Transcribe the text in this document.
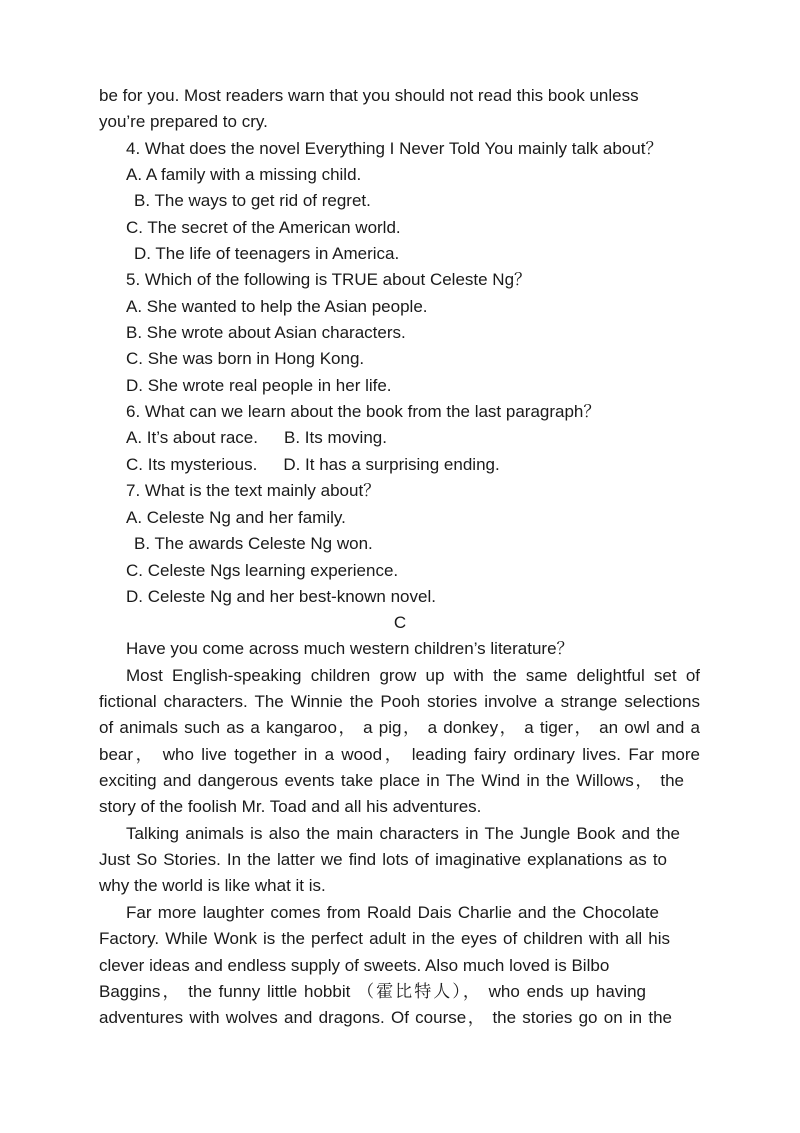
be for you. Most readers warn that you should not read this book unless
you’re prepared to cry.
4. What does the novel Everything I Never Told You mainly talk about？
A. A family with a missing child.
B. The ways to get rid of regret.
C. The secret of the American world.
D. The life of teenagers in America.
5. Which of the following is TRUE about Celeste Ng？
A. She wanted to help the Asian people.
B. She wrote about Asian characters.
C. She was born in Hong Kong.
D. She wrote real people in her life.
6. What can we learn about the book from the last paragraph？
A. It’s about race. B. Its moving.
C. Its mysterious. D. It has a surprising ending.
7. What is the text mainly about？
A. Celeste Ng and her family.
B. The awards Celeste Ng won.
C. Celeste Ngs learning experience.
D. Celeste Ng and her best-known novel.
C
Have you come across much western children’s literature？
Most English-speaking children grow up with the same delightful set of
fictional characters. The Winnie the Pooh stories involve a strange selections
of animals such as a kangaroo， a pig， a donkey， a tiger， an owl and a
bear， who live together in a wood， leading fairy ordinary lives. Far more
exciting and dangerous events take place in The Wind in the Willows， the
story of the foolish Mr. Toad and all his adventures.
Talking animals is also the main characters in The Jungle Book and the
Just So Stories. In the latter we find lots of imaginative explanations as to
why the world is like what it is.
Far more laughter comes from Roald Dais Charlie and the Chocolate
Factory. While Wonk is the perfect adult in the eyes of children with all his
clever ideas and endless supply of sweets. Also much loved is Bilbo
Baggins， the funny little hobbit （霍比特人）， who ends up having
adventures with wolves and dragons. Of course， the stories go on in the
